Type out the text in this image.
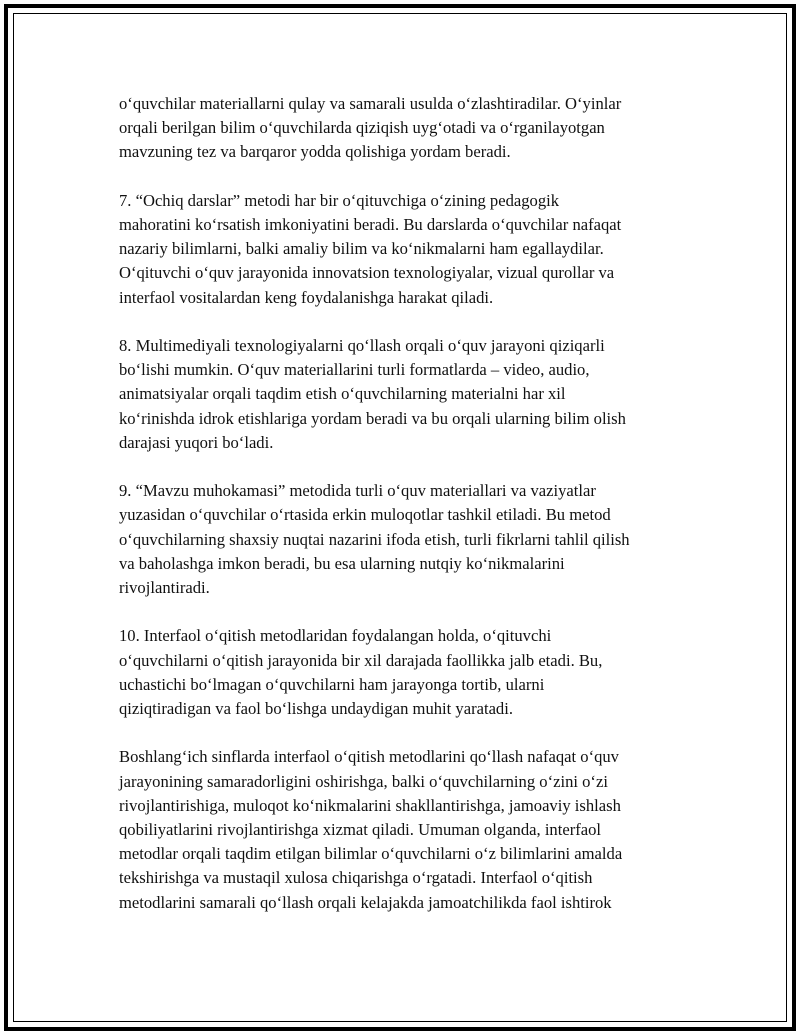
o‘quvchilar materiallarni qulay va samarali usulda o‘zlashtiradilar. O‘yinlar
orqali berilgan bilim o‘quvchilarda qiziqish uyg‘otadi va o‘rganilayotgan
mavzuning tez va barqaror yodda qolishiga yordam beradi.

7. “Ochiq darslar” metodi har bir o‘qituvchiga o‘zining pedagogik
mahoratini ko‘rsatish imkoniyatini beradi. Bu darslarda o‘quvchilar nafaqat
nazariy bilimlarni, balki amaliy bilim va ko‘nikmalarni ham egallaydilar.
O‘qituvchi o‘quv jarayonida innovatsion texnologiyalar, vizual qurollar va
interfaol vositalardan keng foydalanishga harakat qiladi.

8. Multimediyali texnologiyalarni qo‘llash orqali o‘quv jarayoni qiziqarli
bo‘lishi mumkin. O‘quv materiallarini turli formatlarda – video, audio,
animatsiyalar orqali taqdim etish o‘quvchilarning materialni har xil
ko‘rinishda idrok etishlariga yordam beradi va bu orqali ularning bilim olish
darajasi yuqori bo‘ladi.

9. “Mavzu muhokamasi” metodida turli o‘quv materiallari va vaziyatlar
yuzasidan o‘quvchilar o‘rtasida erkin muloqotlar tashkil etiladi. Bu metod
o‘quvchilarning shaxsiy nuqtai nazarini ifoda etish, turli fikrlarni tahlil qilish
va baholashga imkon beradi, bu esa ularning nutqiy ko‘nikmalarini
rivojlantiradi.

10. Interfaol o‘qitish metodlaridan foydalangan holda, o‘qituvchi
o‘quvchilarni o‘qitish jarayonida bir xil darajada faollikka jalb etadi. Bu,
uchastichi bo‘lmagan o‘quvchilarni ham jarayonga tortib, ularni
qiziqtiradigan va faol bo‘lishga undaydigan muhit yaratadi.

Boshlang‘ich sinflarda interfaol o‘qitish metodlarini qo‘llash nafaqat o‘quv
jarayonining samaradorligini oshirishga, balki o‘quvchilarning o‘zini o‘zi
rivojlantirishiga, muloqot ko‘nikmalarini shakllantirishga, jamoaviy ishlash
qobiliyatlarini rivojlantirishga xizmat qiladi. Umuman olganda, interfaol
metodlar orqali taqdim etilgan bilimlar o‘quvchilarni o‘z bilimlarini amalda
tekshirishga va mustaqil xulosa chiqarishga o‘rgatadi. Interfaol o‘qitish
metodlarini samarali qo‘llash orqali kelajakda jamoatchilikda faol ishtirok
